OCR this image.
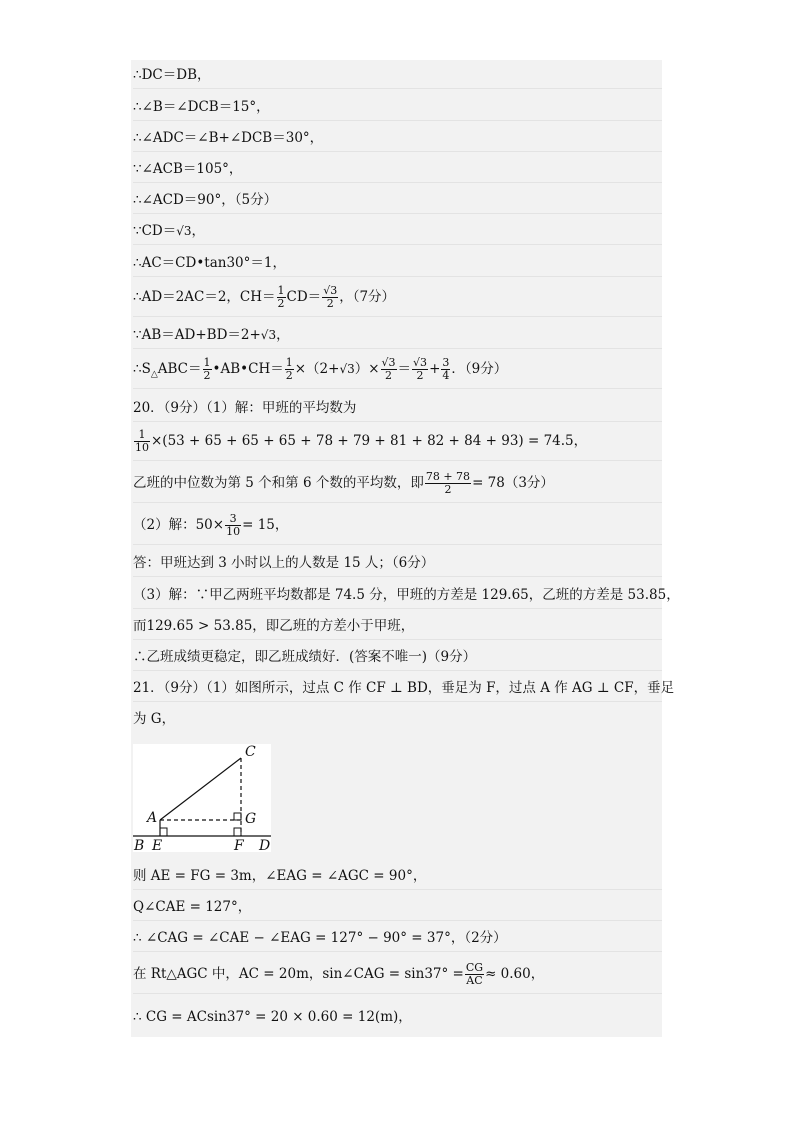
∴DC＝DB，
∴∠B＝∠DCB＝15°，
∴∠ADC＝∠B+∠DCB＝30°，
∵∠ACB＝105°，
∴∠ACD＝90°，（5分）
∵CD＝√3，
∴AC＝CD•tan30°＝1，
∴AD＝2AC＝2，$CH= \frac{1}{2} CD= \frac{√3}{2}$ ，（7分）
∵AB＝AD+BD＝2+√3，
$\therefore S_\triangle ABC= \frac{1}{2}$ •AB•CH＝ $\frac{1}{2} \times(2+√3)\times \frac{√3}{2} = \frac{√3}{2} + \frac{3}{4}$ ．（9分）
20．（9分）（1）解：甲班的平均数为
$\frac{1}{10} \times(53 + 65 + 65 + 65 + 78 + 79 + 81 + 82 + 84 + 93) = 74.5$，
乙班的中位数为第 5 个和第 6 个数的平均数，即 $\frac{78 + 78}{2} = 78(3$分）
（2）解：$50\times \frac{3}{10} = 15$，
答：甲班达到 3 小时以上的人数是 15 人；（6分）
（3）解：∵甲乙两班平均数都是 74.5 分，甲班的方差是 129.65，乙班的方差是 53.85，
而129.65 > 53.85，即乙班的方差小于甲班，
∴乙班成绩更稳定，即乙班成绩好．(答案不唯一)（9分）
21．（9分）（1）如图所示，过点 C 作 CF ⊥ BD，垂足为 F，过点 A 作 AG ⊥ CF，垂足
为 G，
C
A	G
B E	F D
则 AE = FG = 3m，∠EAG = ∠AGC = 90°，
Q∠CAE = 127°，
∴ ∠CAG = ∠CAE − ∠EAG = 127° − 90° = 37°，（2分）
在 Rt△AGC 中，AC = 20m，sin∠CAG = $\sin 37^\circ = \frac{CG}{AC} \approx 0.60$，
∴ CG = ACsin37° = 20 × 0.60 = 12(m)，
